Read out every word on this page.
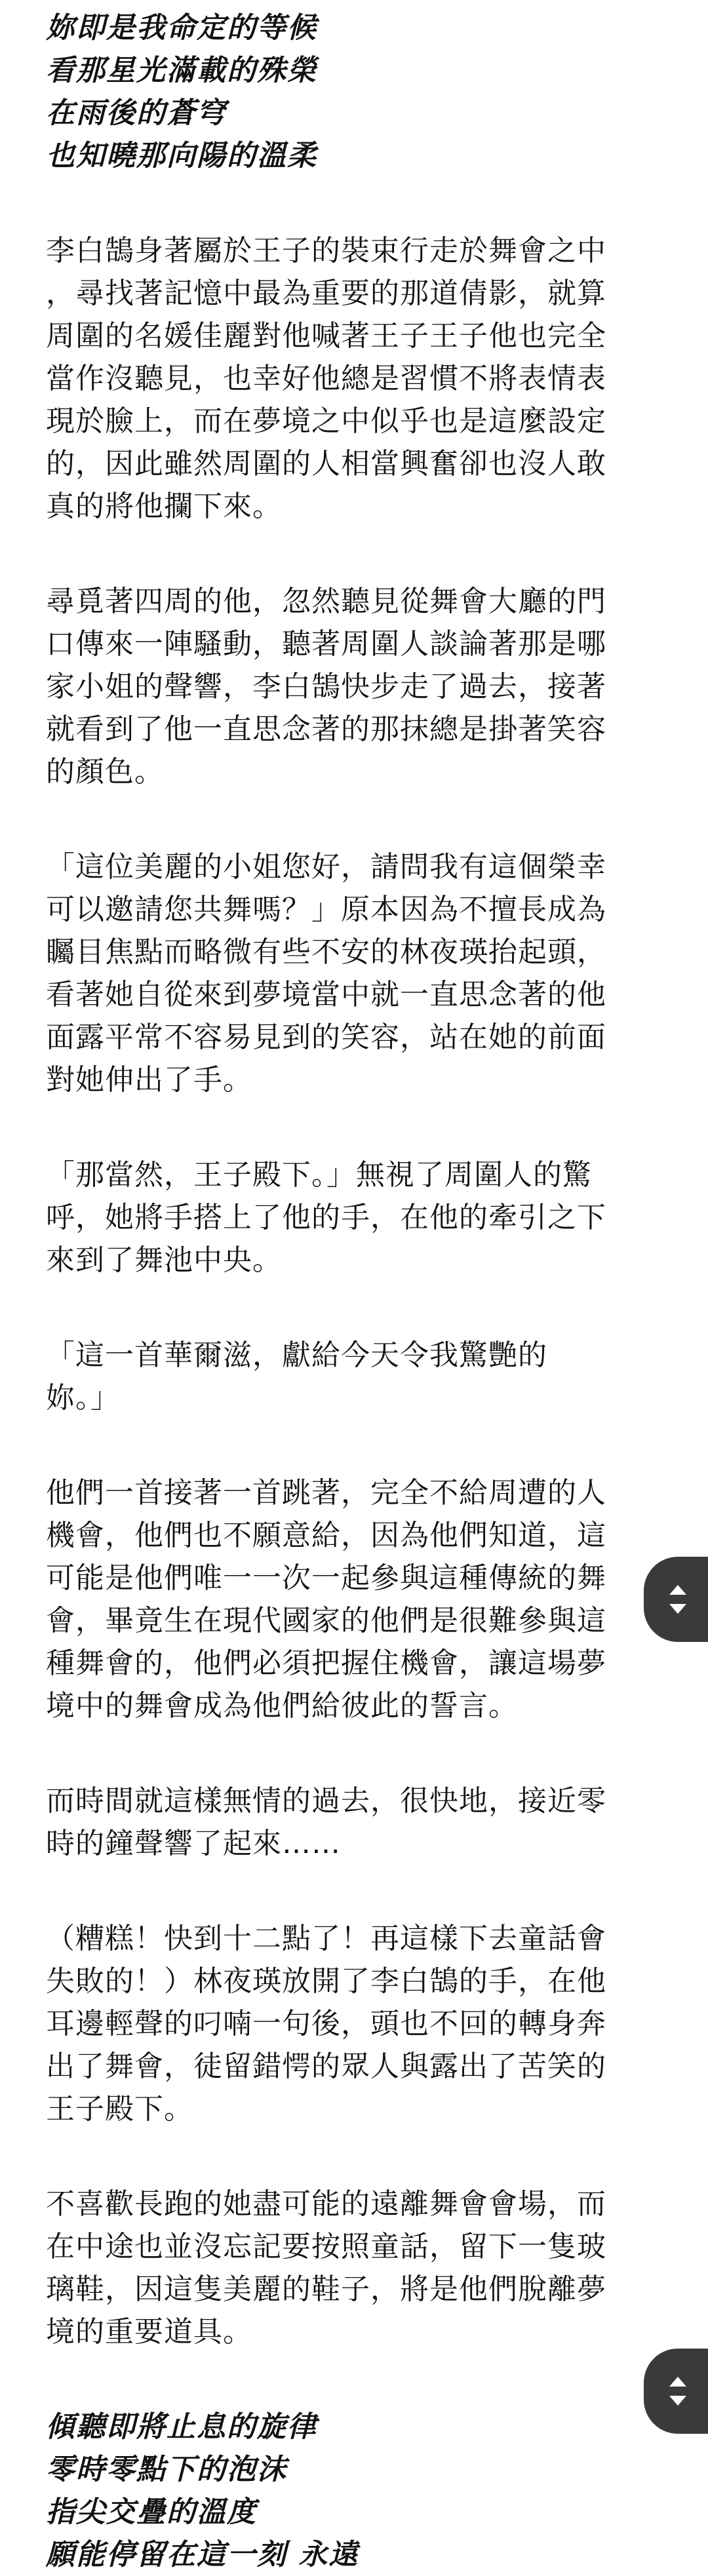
妳即是我命定的等候
看那星光滿載的殊榮
在雨後的蒼穹
也知曉那向陽的溫柔
李白鵠身著屬於王子的裝束行走於舞會之中
，尋找著記憶中最為重要的那道倩影，就算
周圍的名媛佳麗對他喊著王子王子他也完全
當作沒聽見，也幸好他總是習慣不將表情表
現於臉上，而在夢境之中似乎也是這麼設定
的，因此雖然周圍的人相當興奮卻也沒人敢
真的將他攔下來。
尋覓著四周的他，忽然聽見從舞會大廳的門
口傳來一陣騷動，聽著周圍人談論著那是哪
家小姐的聲響，李白鵠快步走了過去，接著
就看到了他一直思念著的那抹總是掛著笑容
的顏色。
「這位美麗的小姐您好，請問我有這個榮幸
可以邀請您共舞嗎？」原本因為不擅長成為
矚目焦點而略微有些不安的林夜瑛抬起頭，
看著她自從來到夢境當中就一直思念著的他
面露平常不容易見到的笑容，站在她的前面
對她伸出了手。
「那當然，王子殿下。」無視了周圍人的驚
呼，她將手搭上了他的手，在他的牽引之下
來到了舞池中央。
「這一首華爾滋，獻給今天令我驚艷的
妳。」
他們一首接著一首跳著，完全不給周遭的人
機會，他們也不願意給，因為他們知道，這
可能是他們唯一一次一起參與這種傳統的舞
會，畢竟生在現代國家的他們是很難參與這
種舞會的，他們必須把握住機會，讓這場夢
境中的舞會成為他們給彼此的誓言。
而時間就這樣無情的過去，很快地，接近零
時的鐘聲響了起來……
（糟糕！快到十二點了！再這樣下去童話會
失敗的！）林夜瑛放開了李白鵠的手，在他
耳邊輕聲的叼喃一句後，頭也不回的轉身奔
出了舞會，徒留錯愕的眾人與露出了苦笑的
王子殿下。
不喜歡長跑的她盡可能的遠離舞會會場，而
在中途也並沒忘記要按照童話，留下一隻玻
璃鞋，因這隻美麗的鞋子，將是他們脫離夢
境的重要道具。
傾聽即將止息的旋律
零時零點下的泡沫
指尖交疊的溫度
願能停留在這一刻 永遠
